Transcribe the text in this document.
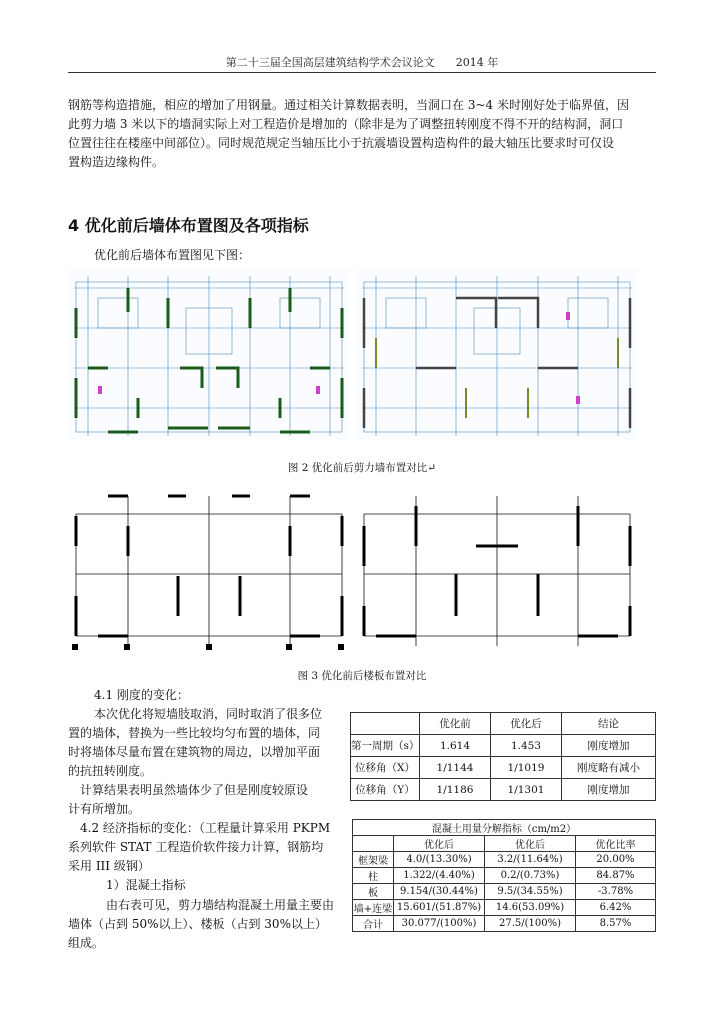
第二十三届全国高层建筑结构学术会议论文 2014 年

钢筋等构造措施，相应的增加了用钢量。通过相关计算数据表明，当洞口在 3~4 米时刚好处于临界值，因

此剪力墙 3 米以下的墙洞实际上对工程造价是增加的（除非是为了调整扭转刚度不得不开的结构洞，洞口

位置往往在楼座中间部位）。同时规范规定当轴压比小于抗震墙设置构造构件的最大轴压比要求时可仅设

置构造边缘构件。

4 优化前后墙体布置图及各项指标

优化前后墙体布置图见下图：

图 2 优化前后剪力墙布置对比↵
图 3 优化前后楼板布置对比

4.1 刚度的变化：

本次优化将短墙肢取消，同时取消了很多位

置的墙体，替换为一些比较均匀布置的墙体，同

时将墙体尽量布置在建筑物的周边，以增加平面

的抗扭转刚度。

计算结果表明虽然墙体少了但是刚度较原设

计有所增加。

4.2 经济指标的变化：（工程量计算采用 PKPM

系列软件 STAT 工程造价软件接力计算，钢筋均

采用 III 级钢）

1）混凝土指标

由右表可见，剪力墙结构混凝土用量主要由

墙体（占到 50%以上）、楼板（占到 30%以上）

组成。

	优化前	优化后	结论
第一周期（s）	1.614	1.453	刚度增加
位移角（X）	1/1144	1/1019	刚度略有减小
位移角（Y）	1/1186	1/1301	刚度增加
混凝土用量分解指标（cm/m2）			
	优化后	优化后	优化比率
框架梁	4.0/(13.30%)	3.2/(11.64%)	20.00%
柱	1.322/(4.40%)	0.2/(0.73%)	84.87%
板	9.154/(30.44%)	9.5/(34.55%)	-3.78%
墙+连梁	15.601/(51.87%)	14.6(53.09%)	6.42%
合计	30.077/(100%)	27.5/(100%)	8.57%
